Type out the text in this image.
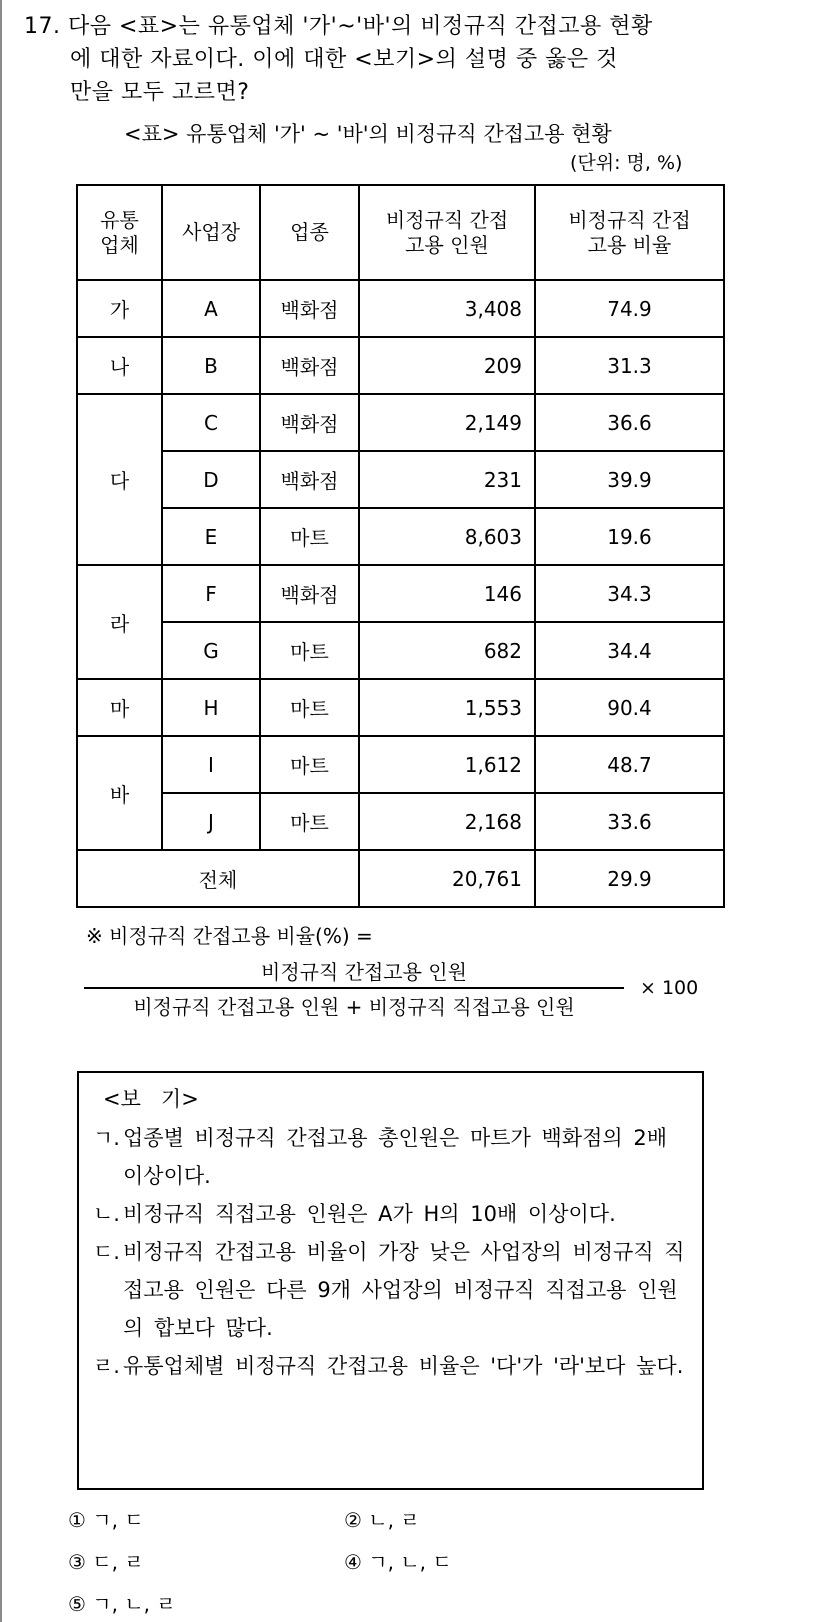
17. 다음 <표>는 유통업체 '가'~'바'의 비정규직 간접고용 현황
에 대한 자료이다. 이에 대한 <보기>의 설명 중 옳은 것
만을 모두 고르면?
<표> 유통업체 '가' ~ '바'의 비정규직 간접고용 현황
(단위: 명, %)
유통 업체	사업장	업종	비정규직 간접고용 인원	비정규직 간접고용 비율
가	A	백화점	3,408	74.9
나	B	백화점	209	31.3
다	C	백화점	2,149	36.6
	D	백화점	231	39.9
	E	마트	8,603	19.6
라	F	백화점	146	34.3
	G	마트	682	34.4
마	H	마트	1,553	90.4
바	I	마트	1,612	48.7
	J	마트	2,168	33.6
전체			20,761	29.9
※ 비정규직 간접고용 비율(%) =
비정규직 간접고용 인원
비정규직 간접고용 인원 + 비정규직 직접고용 인원
× 100
<보   기>
ㄱ. 업종별 비정규직 간접고용 총인원은 마트가 백화점의 2배 이상이다.
ㄴ. 비정규직 직접고용 인원은 A가 H의 10배 이상이다.
ㄷ. 비정규직 간접고용 비율이 가장 낮은 사업장의 비정규직 직접고용 인원은 다른 9개 사업장의 비정규직 직접고용 인원의 합보다 많다.
ㄹ. 유통업체별 비정규직 간접고용 비율은 '다'가 '라'보다 높다.
① ㄱ, ㄷ	② ㄴ, ㄹ
③ ㄷ, ㄹ	④ ㄱ, ㄴ, ㄷ
⑤ ㄱ, ㄴ, ㄹ
